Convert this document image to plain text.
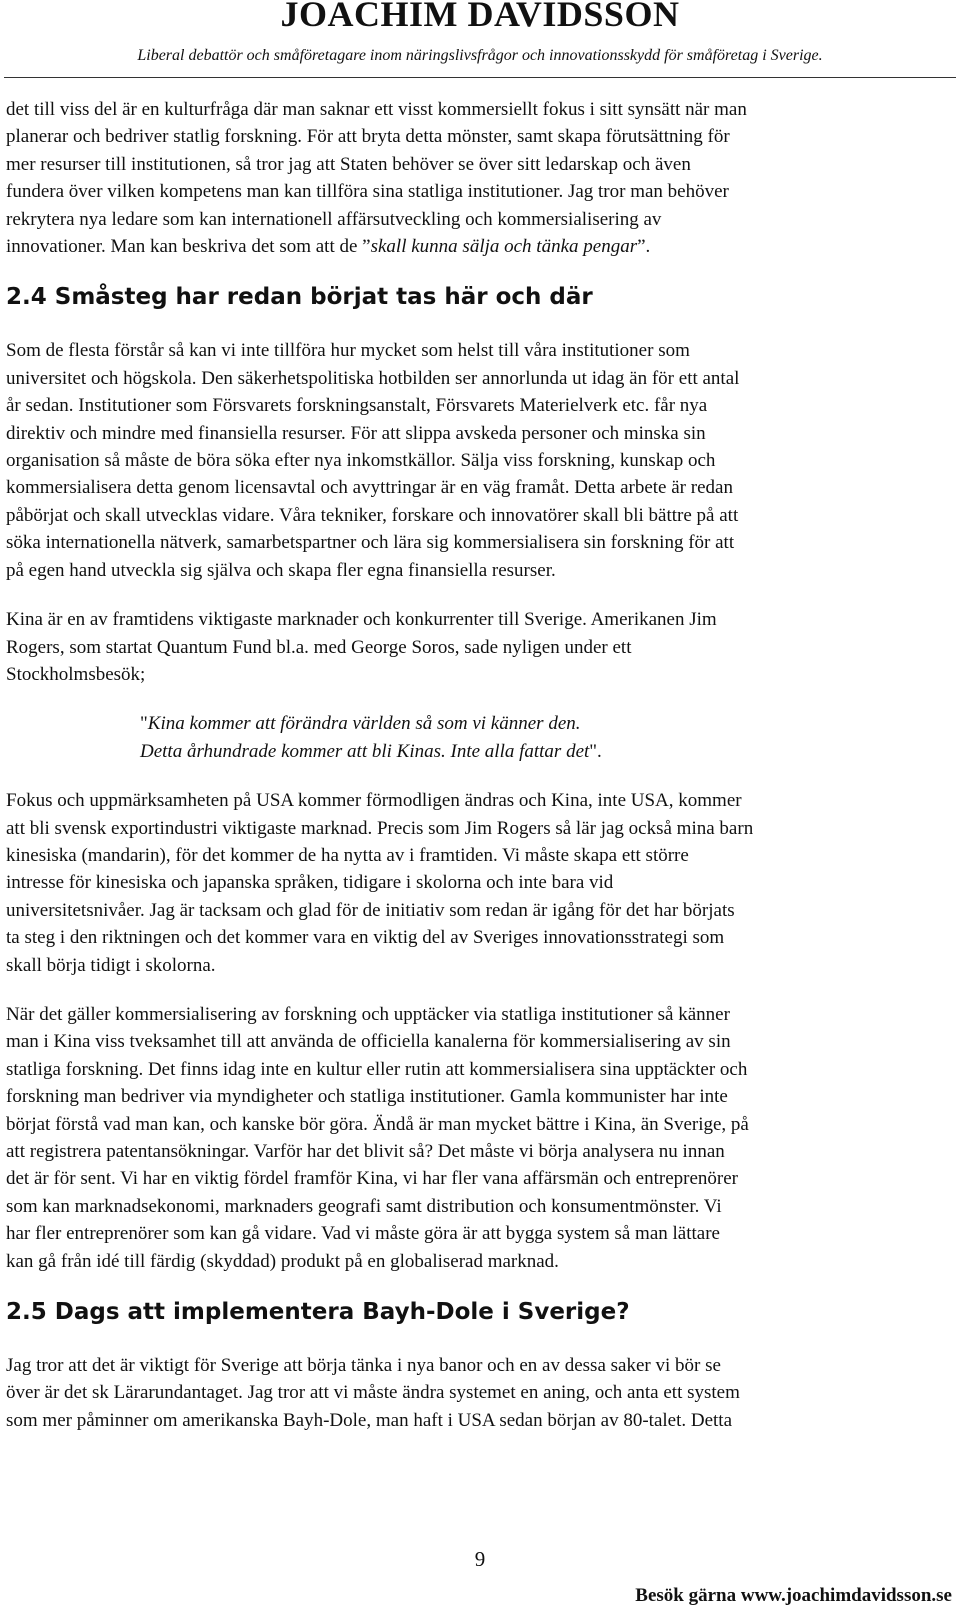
JOACHIM DAVIDSSON
Liberal debattör och småföretagare inom näringslivsfrågor och innovationsskydd för småföretag i Sverige.

det till viss del är en kulturfråga där man saknar ett visst kommersiellt fokus i sitt synsätt när man
planerar och bedriver statlig forskning. För att bryta detta mönster, samt skapa förutsättning för
mer resurser till institutionen, så tror jag att Staten behöver se över sitt ledarskap och även
fundera över vilken kompetens man kan tillföra sina statliga institutioner. Jag tror man behöver
rekrytera nya ledare som kan internationell affärsutveckling och kommersialisering av
innovationer. Man kan beskriva det som att de ”skall kunna sälja och tänka pengar”.

2.4 Småsteg har redan börjat tas här och där

Som de flesta förstår så kan vi inte tillföra hur mycket som helst till våra institutioner som
universitet och högskola. Den säkerhetspolitiska hotbilden ser annorlunda ut idag än för ett antal
år sedan. Institutioner som Försvarets forskningsanstalt, Försvarets Materielverk etc. får nya
direktiv och mindre med finansiella resurser. För att slippa avskeda personer och minska sin
organisation så måste de böra söka efter nya inkomstkällor. Sälja viss forskning, kunskap och
kommersialisera detta genom licensavtal och avyttringar är en väg framåt. Detta arbete är redan
påbörjat och skall utvecklas vidare. Våra tekniker, forskare och innovatörer skall bli bättre på att
söka internationella nätverk, samarbetspartner och lära sig kommersialisera sin forskning för att
på egen hand utveckla sig själva och skapa fler egna finansiella resurser.

Kina är en av framtidens viktigaste marknader och konkurrenter till Sverige. Amerikanen Jim
Rogers, som startat Quantum Fund bl.a. med George Soros, sade nyligen under ett
Stockholmsbesök;

"Kina kommer att förändra världen så som vi känner den.
Detta århundrade kommer att bli Kinas. Inte alla fattar det".

Fokus och uppmärksamheten på USA kommer förmodligen ändras och Kina, inte USA, kommer
att bli svensk exportindustri viktigaste marknad. Precis som Jim Rogers så lär jag också mina barn
kinesiska (mandarin), för det kommer de ha nytta av i framtiden. Vi måste skapa ett större
intresse för kinesiska och japanska språken, tidigare i skolorna och inte bara vid
universitetsnivåer. Jag är tacksam och glad för de initiativ som redan är igång för det har börjats
ta steg i den riktningen och det kommer vara en viktig del av Sveriges innovationsstrategi som
skall börja tidigt i skolorna.

När det gäller kommersialisering av forskning och upptäcker via statliga institutioner så känner
man i Kina viss tveksamhet till att använda de officiella kanalerna för kommersialisering av sin
statliga forskning. Det finns idag inte en kultur eller rutin att kommersialisera sina upptäckter och
forskning man bedriver via myndigheter och statliga institutioner. Gamla kommunister har inte
börjat förstå vad man kan, och kanske bör göra. Ändå är man mycket bättre i Kina, än Sverige, på
att registrera patentansökningar. Varför har det blivit så? Det måste vi börja analysera nu innan
det är för sent. Vi har en viktig fördel framför Kina, vi har fler vana affärsmän och entreprenörer
som kan marknadsekonomi, marknaders geografi samt distribution och konsumentmönster. Vi
har fler entreprenörer som kan gå vidare. Vad vi måste göra är att bygga system så man lättare
kan gå från idé till färdig (skyddad) produkt på en globaliserad marknad.

2.5 Dags att implementera Bayh-Dole i Sverige?

Jag tror att det är viktigt för Sverige att börja tänka i nya banor och en av dessa saker vi bör se
över är det sk Lärarundantaget. Jag tror att vi måste ändra systemet en aning, och anta ett system
som mer påminner om amerikanska Bayh-Dole, man haft i USA sedan början av 80-talet. Detta

9
Besök gärna www.joachimdavidsson.se
